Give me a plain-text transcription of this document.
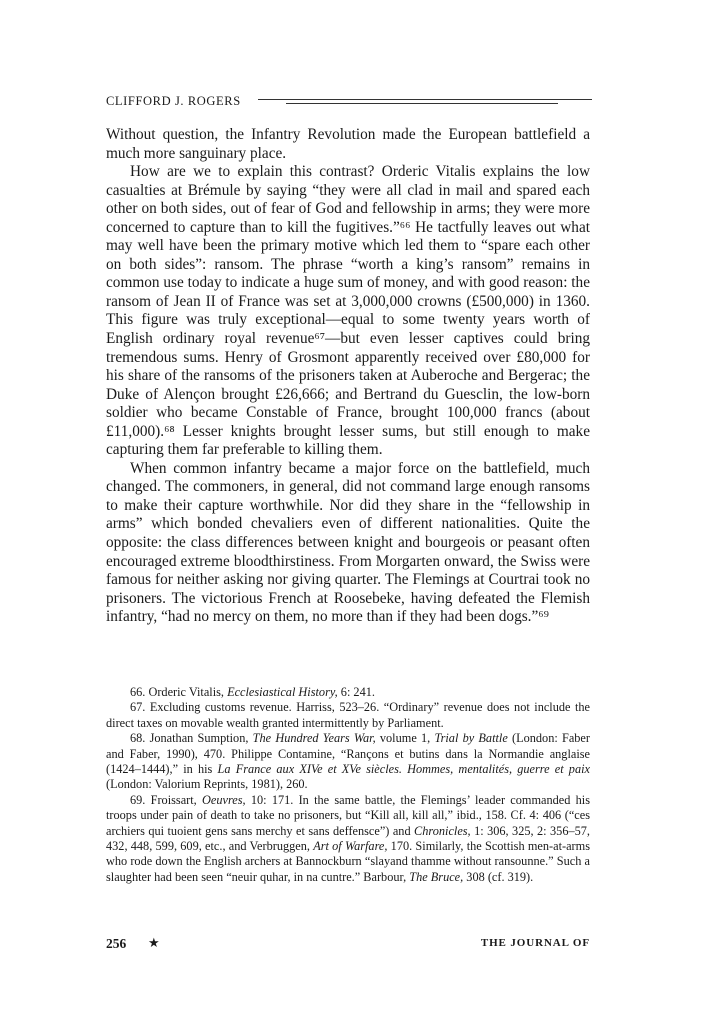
CLIFFORD J. ROGERS

Without question, the Infantry Revolution made the European battlefield a much more sanguinary place.

How are we to explain this contrast? Orderic Vitalis explains the low casualties at Brémule by saying “they were all clad in mail and spared each other on both sides, out of fear of God and fellowship in arms; they were more concerned to capture than to kill the fugitives.”⁶⁶ He tactfully leaves out what may well have been the primary motive which led them to “spare each other on both sides”: ransom. The phrase “worth a king’s ransom” remains in common use today to indicate a huge sum of money, and with good reason: the ransom of Jean II of France was set at 3,000,000 crowns (£500,000) in 1360. This figure was truly exceptional—equal to some twenty years worth of English ordinary royal revenue⁶⁷—but even lesser captives could bring tremendous sums. Henry of Grosmont apparently received over £80,000 for his share of the ransoms of the prisoners taken at Auberoche and Bergerac; the Duke of Alençon brought £26,666; and Bertrand du Guesclin, the low-born soldier who became Constable of France, brought 100,000 francs (about £11,000).⁶⁸ Lesser knights brought lesser sums, but still enough to make capturing them far preferable to killing them.

When common infantry became a major force on the battlefield, much changed. The commoners, in general, did not command large enough ransoms to make their capture worthwhile. Nor did they share in the “fellowship in arms” which bonded chevaliers even of different nationalities. Quite the opposite: the class differences between knight and bourgeois or peasant often encouraged extreme bloodthirstiness. From Morgarten onward, the Swiss were famous for neither asking nor giving quarter. The Flemings at Courtrai took no prisoners. The victorious French at Roosebeke, having defeated the Flemish infantry, “had no mercy on them, no more than if they had been dogs.”⁶⁹

66. Orderic Vitalis, Ecclesiastical History, 6: 241.

67. Excluding customs revenue. Harriss, 523–26. “Ordinary” revenue does not include the direct taxes on movable wealth granted intermittently by Parliament.

68. Jonathan Sumption, The Hundred Years War, volume 1, Trial by Battle (London: Faber and Faber, 1990), 470. Philippe Contamine, “Rançons et butins dans la Normandie anglaise (1424–1444),” in his La France aux XIVe et XVe siècles. Hommes, mentalités, guerre et paix (London: Valorium Reprints, 1981), 260.

69. Froissart, Oeuvres, 10: 171. In the same battle, the Flemings’ leader commanded his troops under pain of death to take no prisoners, but “Kill all, kill all,” ibid., 158. Cf. 4: 406 (“ces archiers qui tuoient gens sans merchy et sans deffensce”) and Chronicles, 1: 306, 325, 2: 356–57, 432, 448, 599, 609, etc., and Verbruggen, Art of Warfare, 170. Similarly, the Scottish men-at-arms who rode down the English archers at Bannockburn “slayand thamme without ransounne.” Such a slaughter had been seen “neuir quhar, in na cuntre.” Barbour, The Bruce, 308 (cf. 319).

256 ★	THE JOURNAL OF
